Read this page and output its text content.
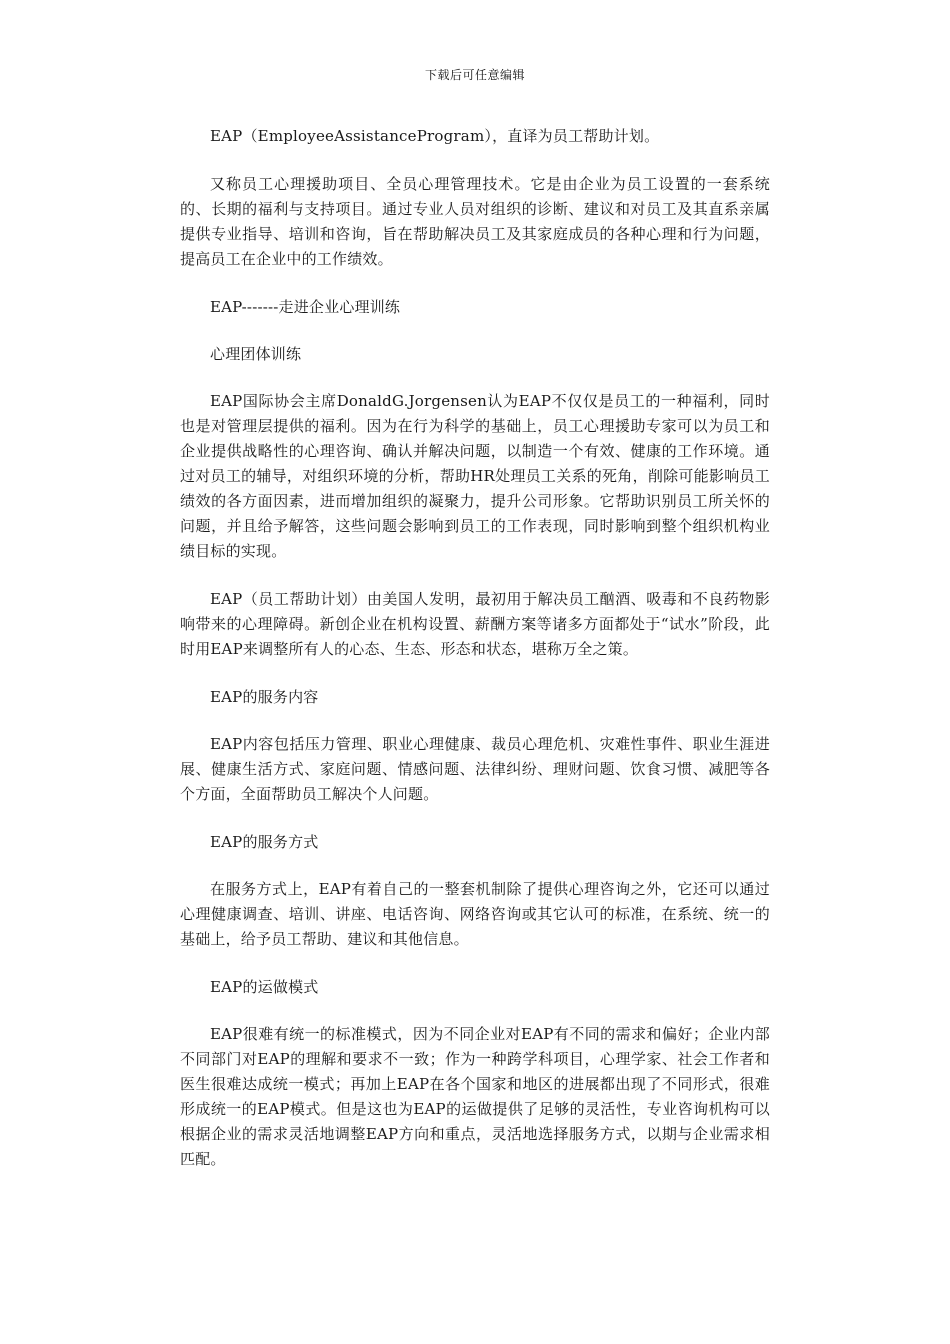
下载后可任意编辑

EAP（EmployeeAssistanceProgram），直译为员工帮助计划。

又称员工心理援助项目、全员心理管理技术。它是由企业为员工设置的一套系统的、长期的福利与支持项目。通过专业人员对组织的诊断、建议和对员工及其直系亲属提供专业指导、培训和咨询，旨在帮助解决员工及其家庭成员的各种心理和行为问题，提高员工在企业中的工作绩效。

EAP-------走进企业心理训练

心理团体训练

EAP国际协会主席DonaldG.Jorgensen认为EAP不仅仅是员工的一种福利，同时也是对管理层提供的福利。因为在行为科学的基础上，员工心理援助专家可以为员工和企业提供战略性的心理咨询、确认并解决问题，以制造一个有效、健康的工作环境。通过对员工的辅导，对组织环境的分析，帮助HR处理员工关系的死角，削除可能影响员工绩效的各方面因素，进而增加组织的凝聚力，提升公司形象。它帮助识别员工所关怀的问题，并且给予解答，这些问题会影响到员工的工作表现，同时影响到整个组织机构业绩目标的实现。

EAP（员工帮助计划）由美国人发明，最初用于解决员工酗酒、吸毒和不良药物影响带来的心理障碍。新创企业在机构设置、薪酬方案等诸多方面都处于“试水”阶段，此时用EAP来调整所有人的心态、生态、形态和状态，堪称万全之策。

EAP的服务内容

EAP内容包括压力管理、职业心理健康、裁员心理危机、灾难性事件、职业生涯进展、健康生活方式、家庭问题、情感问题、法律纠纷、理财问题、饮食习惯、减肥等各个方面，全面帮助员工解决个人问题。

EAP的服务方式

在服务方式上，EAP有着自己的一整套机制除了提供心理咨询之外，它还可以通过心理健康调查、培训、讲座、电话咨询、网络咨询或其它认可的标准，在系统、统一的基础上，给予员工帮助、建议和其他信息。

EAP的运做模式

EAP很难有统一的标准模式，因为不同企业对EAP有不同的需求和偏好；企业内部不同部门对EAP的理解和要求不一致；作为一种跨学科项目，心理学家、社会工作者和医生很难达成统一模式；再加上EAP在各个国家和地区的进展都出现了不同形式，很难形成统一的EAP模式。但是这也为EAP的运做提供了足够的灵活性，专业咨询机构可以根据企业的需求灵活地调整EAP方向和重点，灵活地选择服务方式，以期与企业需求相匹配。
